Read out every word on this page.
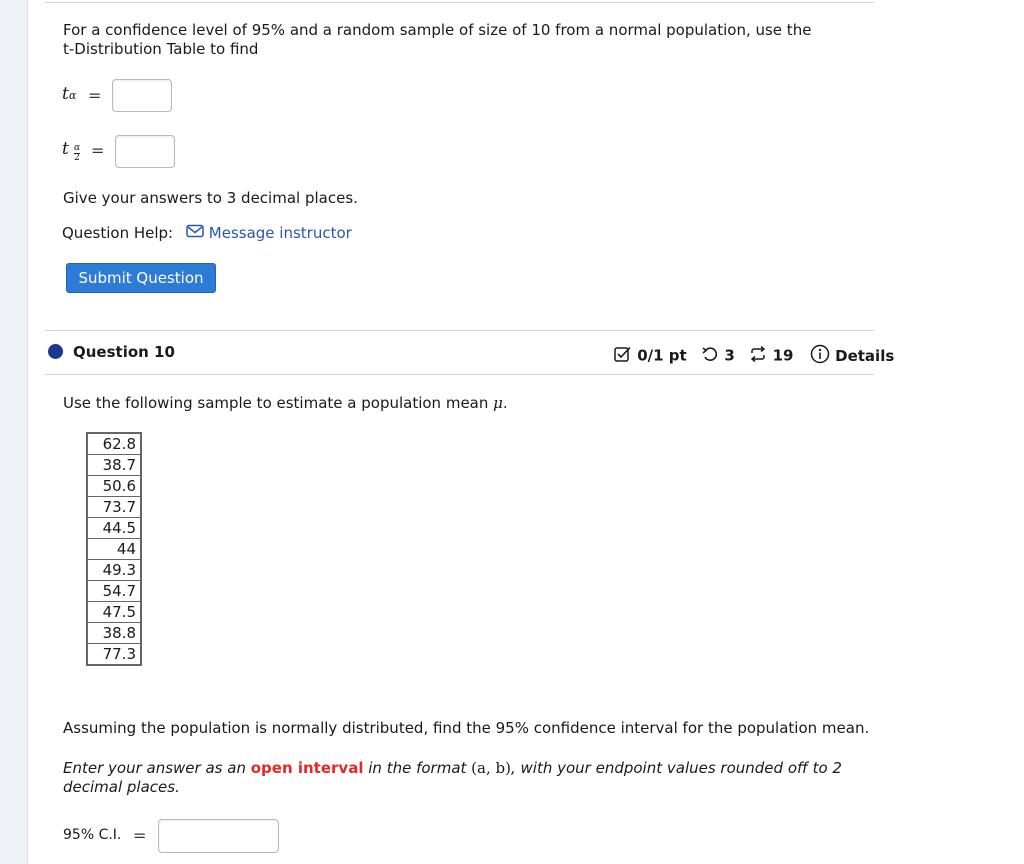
For a confidence level of 95% and a random sample of size of 10 from a normal population, use the t-Distribution Table to find
tα =
t $\frac{\alpha}{2}$ =
Give your answers to 3 decimal places.
Question Help:	Message instructor
Submit Question
Question 10	0/1 pt	3	19	Details
Use the following sample to estimate a population mean μ.
62.8
38.7
50.6
73.7
44.5
44
49.3
54.7
47.5
38.8
77.3
Assuming the population is normally distributed, find the 95% confidence interval for the population mean.
Enter your answer as an open interval in the format (a, b), with your endpoint values rounded off to 2 decimal places.
95% C.I. =
